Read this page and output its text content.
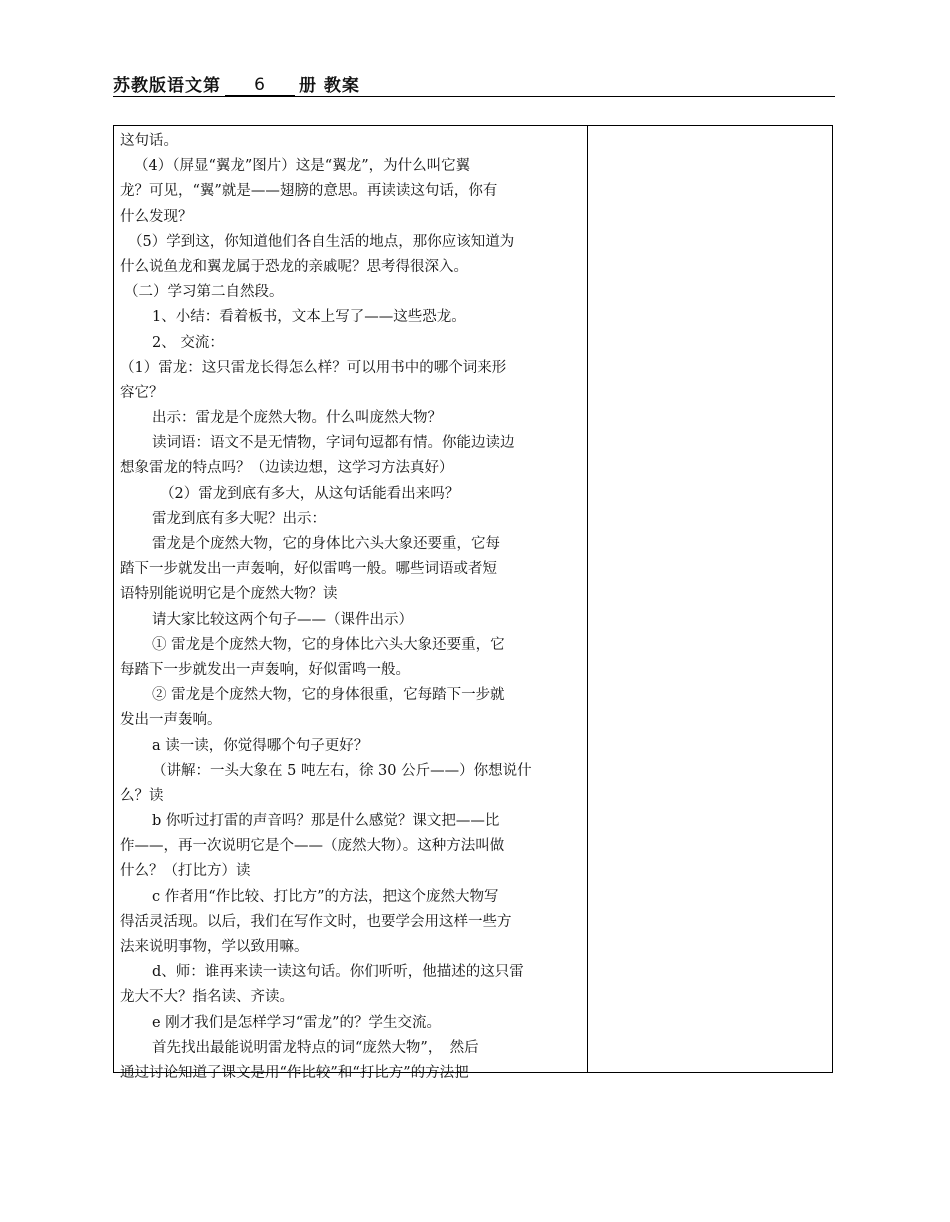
苏教版语文第	6	册 教案
这句话。
（4）（屏显“翼龙”图片）这是“翼龙”，为什么叫它翼
龙？可见，“翼”就是——翅膀的意思。再读读这句话，你有
什么发现？
（5）学到这，你知道他们各自生活的地点，那你应该知道为
什么说鱼龙和翼龙属于恐龙的亲戚呢？思考得很深入。
（二）学习第二自然段。
1、小结：看着板书，文本上写了——这些恐龙。
2、 交流：
（1）雷龙：这只雷龙长得怎么样？可以用书中的哪个词来形
容它？
出示：雷龙是个庞然大物。什么叫庞然大物？
读词语：语文不是无情物，字词句逗都有情。你能边读边
想象雷龙的特点吗？（边读边想，这学习方法真好）
（2）雷龙到底有多大，从这句话能看出来吗？
雷龙到底有多大呢？出示：
雷龙是个庞然大物，它的身体比六头大象还要重，它每
踏下一步就发出一声轰响，好似雷鸣一般。哪些词语或者短
语特别能说明它是个庞然大物？读
请大家比较这两个句子——（课件出示）
① 雷龙是个庞然大物，它的身体比六头大象还要重，它
每踏下一步就发出一声轰响，好似雷鸣一般。
② 雷龙是个庞然大物，它的身体很重，它每踏下一步就
发出一声轰响。
a 读一读，你觉得哪个句子更好？
（讲解：一头大象在 5 吨左右，徐 30 公斤——）你想说什
么？读
b 你听过打雷的声音吗？那是什么感觉？课文把——比
作——，再一次说明它是个——（庞然大物）。这种方法叫做
什么？（打比方）读
c 作者用“作比较、打比方”的方法，把这个庞然大物写
得活灵活现。以后，我们在写作文时，也要学会用这样一些方
法来说明事物，学以致用嘛。
d、师：谁再来读一读这句话。你们听听，他描述的这只雷
龙大不大？指名读、齐读。
e 刚才我们是怎样学习“雷龙”的？学生交流。
首先找出最能说明雷龙特点的词“庞然大物”，　然后
通过讨论知道了课文是用“作比较”和“打比方”的方法把
